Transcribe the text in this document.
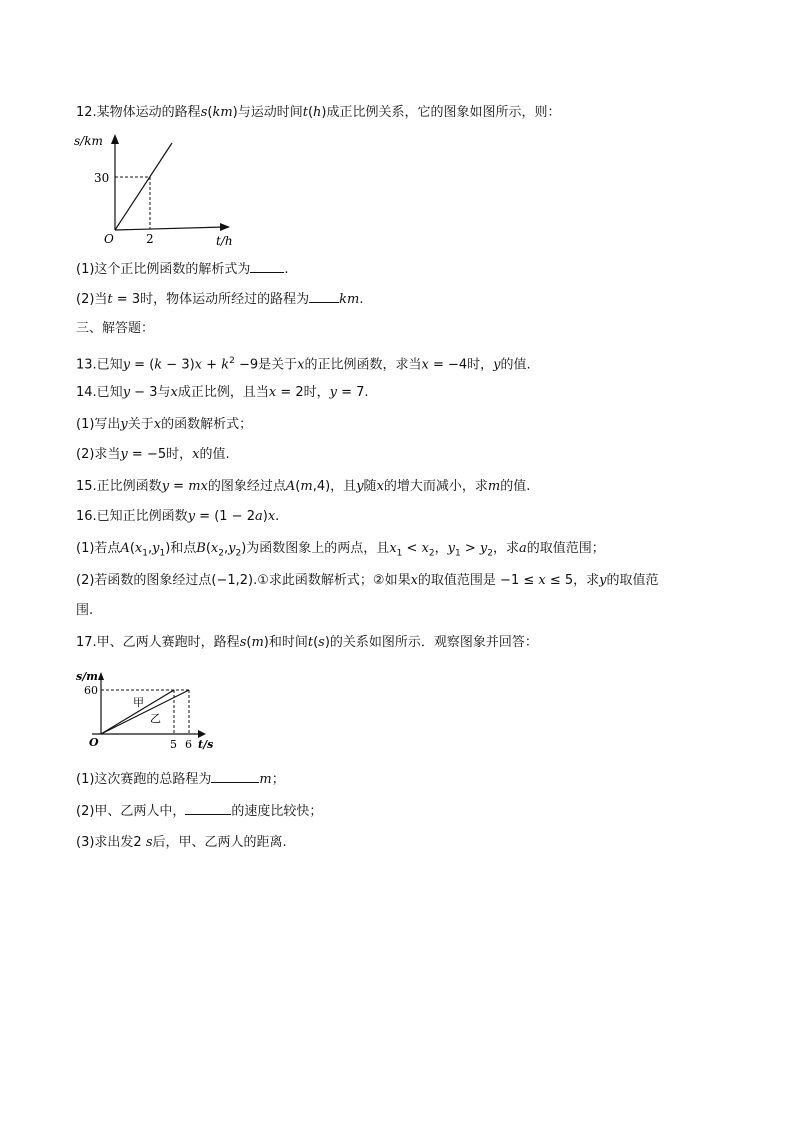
12.某物体运动的路程s(km)与运动时间t(h)成正比例关系，它的图象如图所示，则：
s/km
30
O	2	t/h
(1)这个正比例函数的解析式为	.
(2)当t = 3时，物体运动所经过的路程为 km.
三、解答题：
13.已知$y = (k - 3)x + k^2 -9$是关于x的正比例函数，求当x = −4时，y的值.
14.已知y − 3与x成正比例，且当x = 2时，y = 7.
(1)写出y关于x的函数解析式；
(2)求当y = −5时，x的值.
15.正比例函数y = mx的图象经过点A(m,4)，且y随x的增大而减小，求m的值.
16.已知正比例函数y = (1 − 2a)x.
(1)若点$A(x_1,y_1)$和点$B(x_2,y_2)$为函数图象上的两点，且$x_1 < x_2$，$y_1 > y_2$，求a的取值范围；
(2)若函数的图象经过点(−1,2).①求此函数解析式；②如果x的取值范围是 −1 ≤ x ≤ 5，求y的取值范
围.
17.甲、乙两人赛跑时，路程s(m)和时间t(s)的关系如图所示．观察图象并回答：
s/m
60
甲
乙
O	5 6 t/s
(1)这次赛跑的总路程为	m；
(2)甲、乙两人中，	的速度比较快；
(3)求出发2 s后，甲、乙两人的距离.
